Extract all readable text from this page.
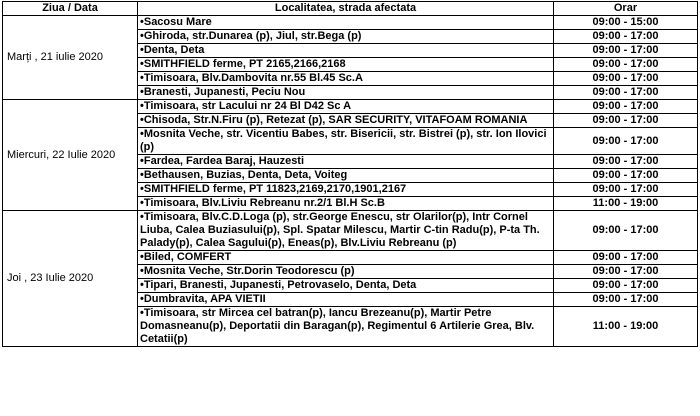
Ziua / Data	Localitatea, strada afectata	Orar
Marți , 21 iulie 2020	•Sacosu Mare	09:00 - 15:00
	•Ghiroda, str.Dunarea (p), Jiul, str.Bega (p)	09:00 - 17:00
	•Denta, Deta	09:00 - 17:00
	•SMITHFIELD ferme, PT 2165,2166,2168	09:00 - 17:00
	•Timisoara, Blv.Dambovita nr.55 Bl.45 Sc.A	09:00 - 17:00
	•Branesti, Jupanesti, Peciu Nou	09:00 - 17:00
Miercuri, 22 Iulie 2020	•Timisoara, str Lacului nr 24 Bl D42 Sc A	09:00 - 17:00
	•Chisoda, Str.N.Firu (p), Retezat (p), SAR SECURITY, VITAFOAM ROMANIA	09:00 - 17:00
	•Mosnita Veche, str. Vicentiu Babes, str. Bisericii, str. Bistrei (p), str. Ion Ilovici (p)	09:00 - 17:00
	•Fardea, Fardea Baraj, Hauzesti	09:00 - 17:00
	•Bethausen, Buzias, Denta, Deta, Voiteg	09:00 - 17:00
	•SMITHFIELD ferme, PT 11823,2169,2170,1901,2167	09:00 - 17:00
	•Timisoara, Blv.Liviu Rebreanu nr.2/1 Bl.H Sc.B	11:00 - 19:00
Joi , 23 Iulie 2020	•Timisoara, Blv.C.D.Loga (p), str.George Enescu, str Olarilor(p), Intr Cornel Liuba, Calea Buziasului(p), Spl. Spatar Milescu, Martir C-tin Radu(p), P-ta Th. Palady(p), Calea Sagului(p), Eneas(p), Blv.Liviu Rebreanu (p)	09:00 - 17:00
	•Biled, COMFERT	09:00 - 17:00
	•Mosnita Veche, Str.Dorin Teodorescu (p)	09:00 - 17:00
	•Tipari, Branesti, Jupanesti, Petrovaselo, Denta, Deta	09:00 - 17:00
	•Dumbravita, APA VIETII	09:00 - 17:00
	•Timisoara, str Mircea cel batran(p), Iancu Brezeanu(p), Martir Petre Domasneanu(p), Deportatii din Baragan(p), Regimentul 6 Artilerie Grea, Blv. Cetatii(p)	11:00 - 19:00
